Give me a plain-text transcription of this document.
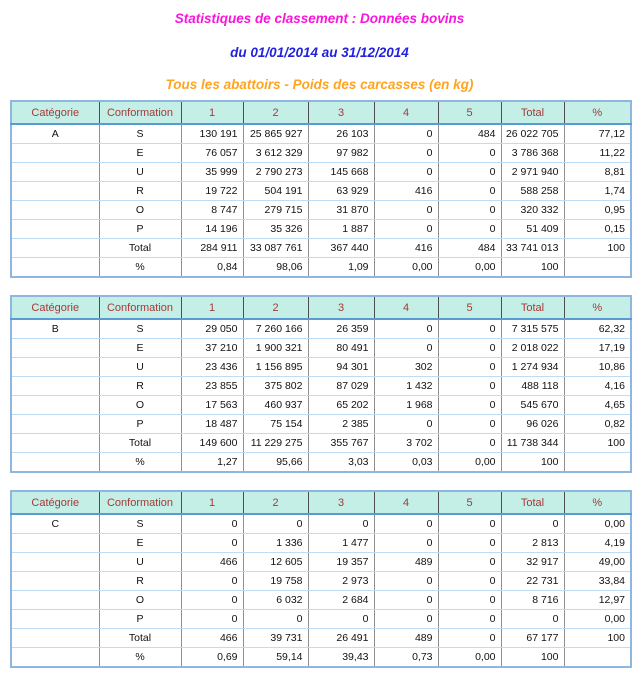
Statistiques de classement : Données bovins
du 01/01/2014 au 31/12/2014
Tous les abattoirs - Poids des carcasses (en kg)
Catégorie	Conformation	1	2	3	4	5	Total	%
A	S	130 191	25 865 927	26 103	0	484	26 022 705	77,12
	E	76 057	3 612 329	97 982	0	0	3 786 368	11,22
	U	35 999	2 790 273	145 668	0	0	2 971 940	8,81
	R	19 722	504 191	63 929	416	0	588 258	1,74
	O	8 747	279 715	31 870	0	0	320 332	0,95
	P	14 196	35 326	1 887	0	0	51 409	0,15
	Total	284 911	33 087 761	367 440	416	484	33 741 013	100
	%	0,84	98,06	1,09	0,00	0,00	100	
Catégorie	Conformation	1	2	3	4	5	Total	%
B	S	29 050	7 260 166	26 359	0	0	7 315 575	62,32
	E	37 210	1 900 321	80 491	0	0	2 018 022	17,19
	U	23 436	1 156 895	94 301	302	0	1 274 934	10,86
	R	23 855	375 802	87 029	1 432	0	488 118	4,16
	O	17 563	460 937	65 202	1 968	0	545 670	4,65
	P	18 487	75 154	2 385	0	0	96 026	0,82
	Total	149 600	11 229 275	355 767	3 702	0	11 738 344	100
	%	1,27	95,66	3,03	0,03	0,00	100	
Catégorie	Conformation	1	2	3	4	5	Total	%
C	S	0	0	0	0	0	0	0,00
	E	0	1 336	1 477	0	0	2 813	4,19
	U	466	12 605	19 357	489	0	32 917	49,00
	R	0	19 758	2 973	0	0	22 731	33,84
	O	0	6 032	2 684	0	0	8 716	12,97
	P	0	0	0	0	0	0	0,00
	Total	466	39 731	26 491	489	0	67 177	100
	%	0,69	59,14	39,43	0,73	0,00	100	
